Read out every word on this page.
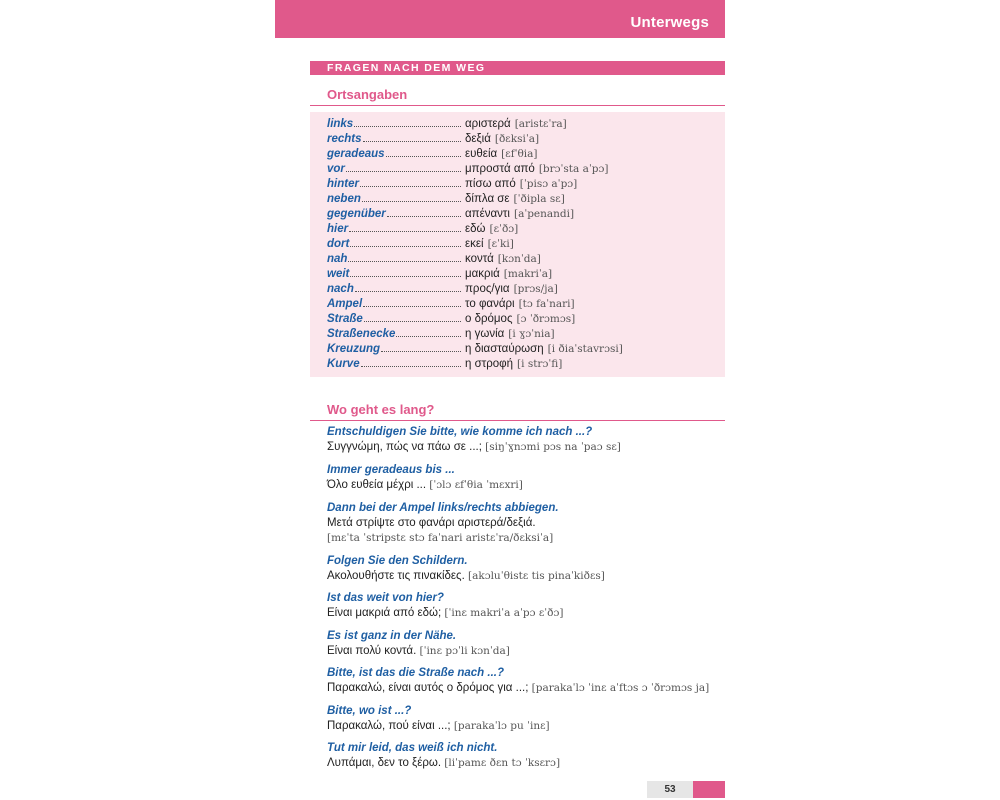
Unterwegs
FRAGEN NACH DEM WEG
Ortsangaben
links	αριστερά [aristɛˈra]
rechts	δεξιά [ðɛksiˈa]
geradeaus	ευθεία [ɛfˈθia]
vor	μπροστά από [brɔˈsta aˈpɔ]
hinter	πίσω από [ˈpisɔ aˈpɔ]
neben	δίπλα σε [ˈðipla sɛ]
gegenüber	απέναντι [aˈpenandi]
hier	εδώ [ɛˈðɔ]
dort	εκεί [ɛˈki]
nah	κοντά [kɔnˈda]
weit	μακριά [makriˈa]
nach	προς/για [prɔs/ja]
Ampel	το φανάρι [tɔ faˈnari]
Straße	ο δρόμος [ɔ ˈðrɔmɔs]
Straßenecke	η γωνία [i ɣɔˈnia]
Kreuzung	η διασταύρωση [i ðiaˈstavrɔsi]
Kurve	η στροφή [i strɔˈfi]
Wo geht es lang?
Entschuldigen Sie bitte, wie komme ich nach ...?
Συγγνώμη, πώς να πάω σε ...; [siŋˈɣnɔmi pɔs na ˈpaɔ sɛ]
Immer geradeaus bis ...
Όλο ευθεία μέχρι ... [ˈɔlɔ ɛfˈθia ˈmɛxri]
Dann bei der Ampel links/rechts abbiegen.
Μετά στρίψτε στο φανάρι αριστερά/δεξιά.
[mɛˈta ˈstripstɛ stɔ faˈnari aristɛˈra/ðɛksiˈa]
Folgen Sie den Schildern.
Ακολουθήστε τις πινακίδες. [akɔluˈθistɛ tis pinaˈkiðɛs]
Ist das weit von hier?
Είναι μακριά από εδώ; [ˈinɛ makriˈa aˈpɔ ɛˈðɔ]
Es ist ganz in der Nähe.
Είναι πολύ κοντά. [ˈinɛ pɔˈli kɔnˈda]
Bitte, ist das die Straße nach ...?
Παρακαλώ, είναι αυτός ο δρόμος για ...; [parakaˈlɔ ˈinɛ aˈftɔs ɔ ˈðrɔmɔs ja]
Bitte, wo ist ...?
Παρακαλώ, πού είναι ...; [parakaˈlɔ pu ˈinɛ]
Tut mir leid, das weiß ich nicht.
Λυπάμαι, δεν το ξέρω. [liˈpamɛ ðɛn tɔ ˈksɛrɔ]
53
